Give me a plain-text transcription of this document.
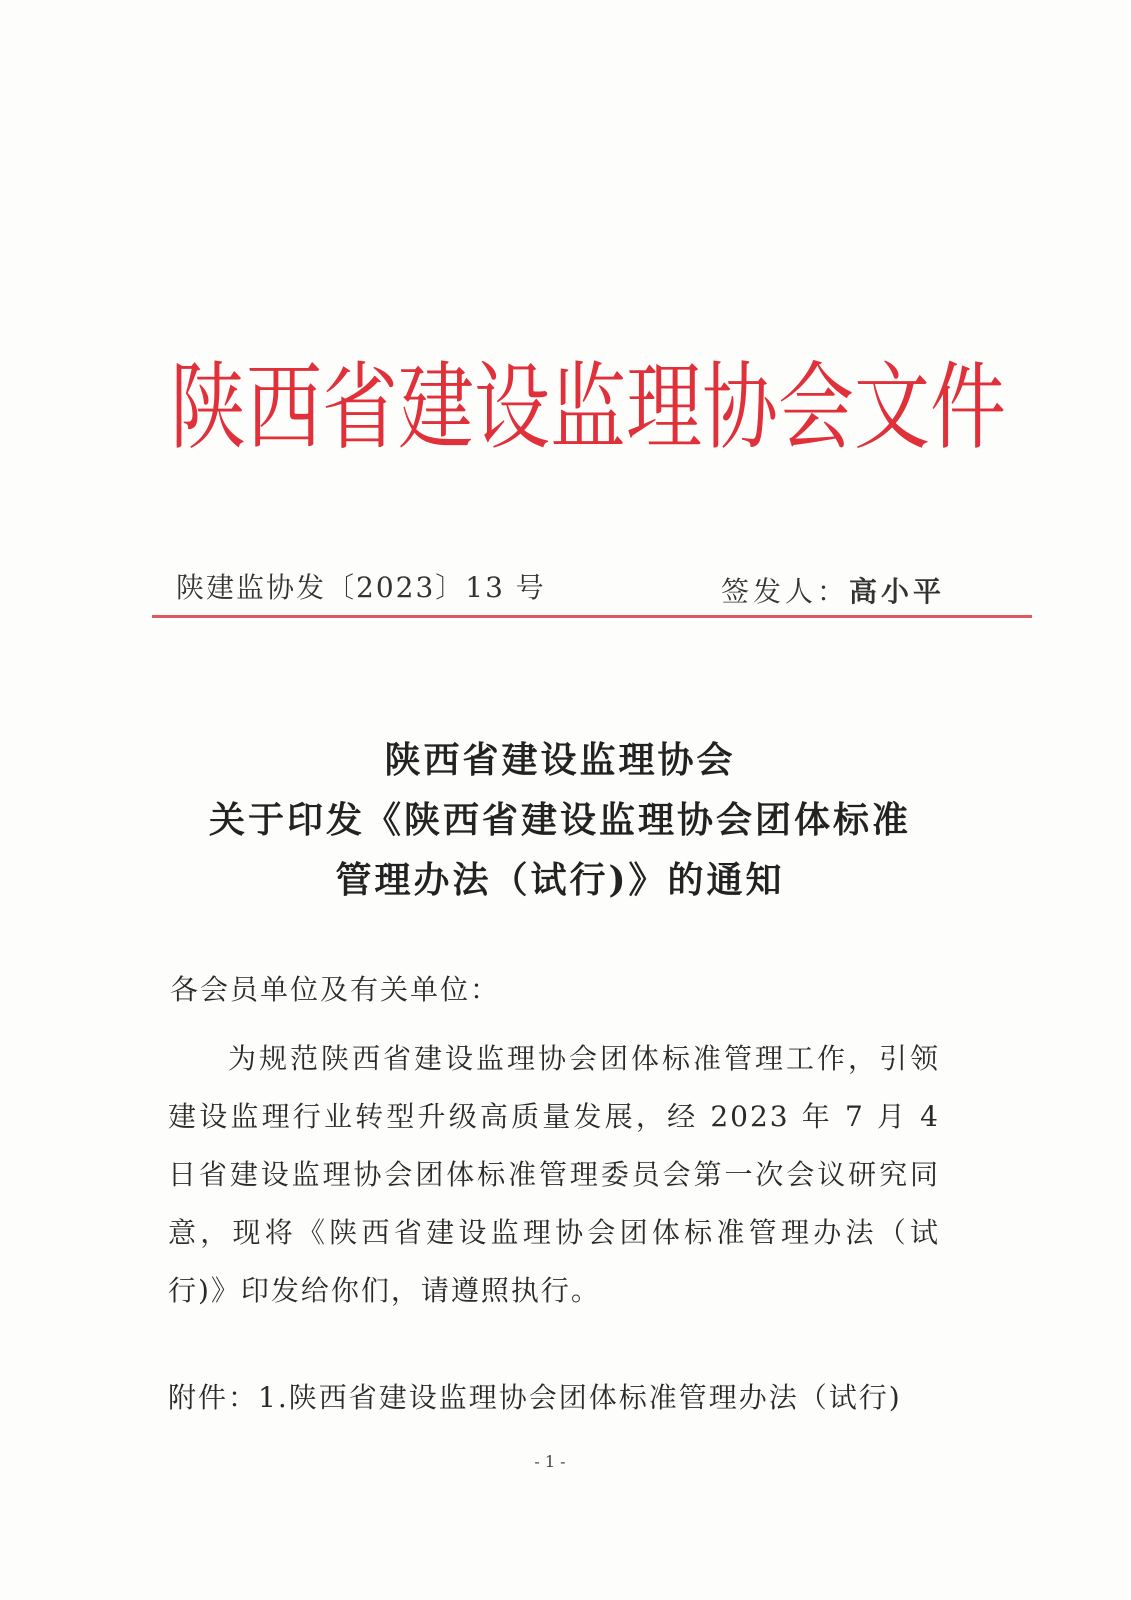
陕西省建设监理协会文件
陕建监协发〔2023〕13 号	签发人：高小平
陕西省建设监理协会
关于印发《陕西省建设监理协会团体标准
管理办法（试行)》的通知
各会员单位及有关单位：
为规范陕西省建设监理协会团体标准管理工作，引领建设监理行业转型升级高质量发展，经 2023 年 7 月 4 日省建设监理协会团体标准管理委员会第一次会议研究同意，现将《陕西省建设监理协会团体标准管理办法（试行)》印发给你们，请遵照执行。
附件：1.陕西省建设监理协会团体标准管理办法（试行)
- 1 -
